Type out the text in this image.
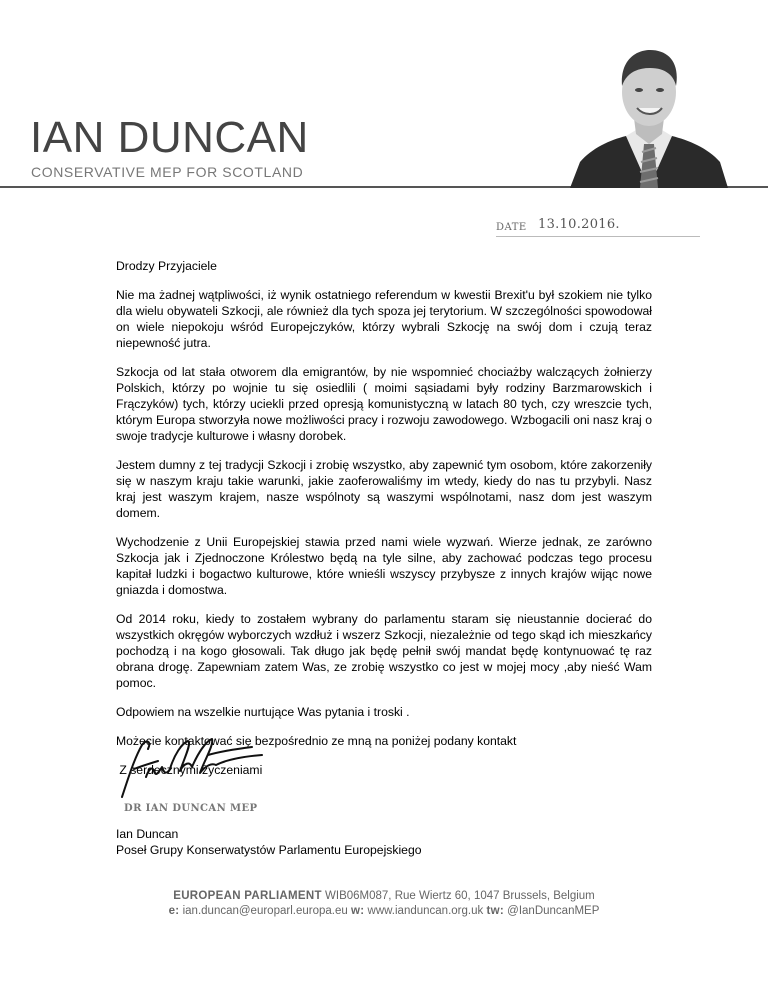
IAN DUNCAN
CONSERVATIVE MEP FOR SCOTLAND
DATE 13.10.2016.

Drodzy Przyjaciele

Nie ma żadnej wątpliwości, iż wynik ostatniego referendum w kwestii Brexit'u był szokiem nie tylko dla wielu obywateli Szkocji, ale również dla tych spoza jej terytorium. W szczególności spowodował on wiele niepokoju wśród Europejczyków, którzy wybrali Szkocję na swój dom i czują teraz niepewność jutra.

Szkocja od lat stała otworem dla emigrantów, by nie wspomnieć chociażby walczących żołnierzy Polskich, którzy po wojnie tu się osiedlili ( moimi sąsiadami były rodziny Barzmarowskich i Frączyków) tych, którzy uciekli przed opresją komunistyczną w latach 80 tych, czy wreszcie tych, którym Europa stworzyła nowe możliwości pracy i rozwoju zawodowego. Wzbogacili oni nasz kraj o swoje tradycje kulturowe i własny dorobek.

Jestem dumny z tej tradycji Szkocji i zrobię wszystko, aby zapewnić tym osobom, które zakorzeniły się w naszym kraju takie warunki, jakie zaoferowaliśmy im wtedy, kiedy do nas tu przybyli. Nasz kraj jest waszym krajem, nasze wspólnoty są waszymi wspólnotami, nasz dom jest waszym domem.

Wychodzenie z Unii Europejskiej stawia przed nami wiele wyzwań. Wierze jednak, ze zarówno Szkocja jak i Zjednoczone Królestwo będą na tyle silne, aby zachować podczas tego procesu kapitał ludzki i bogactwo kulturowe, które wnieśli wszyscy przybysze z innych krajów wijąc nowe gniazda i domostwa.

Od 2014 roku, kiedy to zostałem wybrany do parlamentu staram się nieustannie docierać do wszystkich okręgów wyborczych wzdłuż i wszerz Szkocji, niezależnie od tego skąd ich mieszkańcy pochodzą i na kogo głosowali. Tak długo jak będę pełnił swój mandat będę kontynuować tę raz obrana drogę. Zapewniam zatem Was, ze zrobię wszystko co jest w mojej mocy ,aby nieść Wam pomoc.

Odpowiem na wszelkie nurtujące Was pytania i troski .

Możecie kontaktować się bezpośrednio ze mną na poniżej podany kontakt

Z serdecznymi życzeniami

DR IAN DUNCAN MEP
Ian Duncan
Poseł Grupy Konserwatystów Parlamentu Europejskiego
EUROPEAN PARLIAMENT WIB06M087, Rue Wiertz 60, 1047 Brussels, Belgium
e: ian.duncan@europarl.europa.eu w: www.ianduncan.org.uk tw: @IanDuncanMEP
